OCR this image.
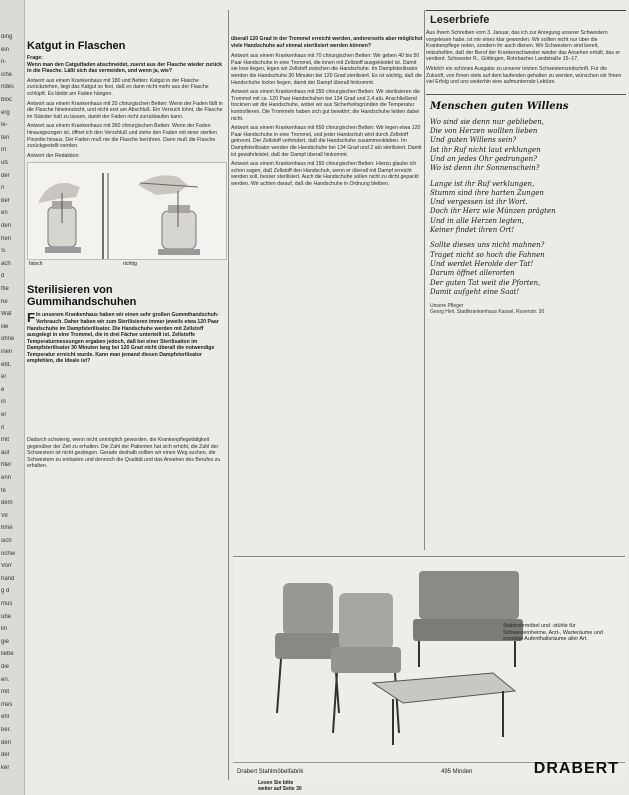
ding
ein
n-
iche
ndes
bloc
erg
le-
ten
rn
uß
der
n
ber
en
den
hen
S.
ach
d
ffie
he
Wat
ilie
ohne
inen
ebt,
er
e
in
er
it
mit
auf
hter
enn
fe
dem
Vir
hme
sich
ochw
Vorr
hand
g d
mus
ube
lin
gie
liebe
die
en.
mit
mes
ehr
ber.
den
der
ker
Katgut in Flaschen
Frage:
Wenn man den Catgutfaden abschneidet, zuerst aus der Flasche wieder zurück in die Flasche. Läßt sich das vermeiden, und wenn ja, wie?

Antwort aus einem Krankenhaus mit 180 und Betten: Katgut in der Flasche zurückziehen, liegt das Katgut so fest, daß es dann nicht mehr aus der Flasche schlüpft. Es bleibt am Faden hängen.

Antwort aus einem Krankenhaus mit 20 chirurgischen Betten: Wenn der Faden fällt in die Flasche hineinrutscht, und nicht erst am Abschluß. Ein Versuch lohnt, die Flasche im Ständer halt zu lassen, damit der Faden nicht zurücklaufen kann.

Antwort aus einem Krankenhaus mit 360 chirurgischen Betten: Wenn der Faden hinausgezogen ist, öffnet ich den Verschluß und ziehe den Faden mit einer sterilen Pinzette hinaus. Der Faden muß nie die Flasche berühren. Dann muß die Flasche zurückgestellt werden.

Antwort der Redaktion:

falsch	richtig
Sterilisieren von Gummihandschuhen
F In unserem Krankenhaus haben wir einen sehr großen Gummihandschuh-Verbrauch. Daher haben wir zum Sterilisieren immer jeweils etwa 120 Paar Handschuhe im Dampfsterilisator. Die Handschuhe werden mit Zellstoff ausgelegt in eine Trommel, die in drei Fächer unterteilt ist. Zellstoffe Temperaturmessungen ergaben jedoch, daß bei einer Sterilisation im Dampfsterilisator 30 Minuten lang bei 120 Grad nicht überall die notwendige Temperatur erreicht wurde. Kann man jemand diesen Dampfsterilisator empfehlen, die Ideale ist?

Dadurch schwierig, wenn nicht unmöglich geworden, die Krankenpflegetätigkeit gegenüber der Zeit zu erhalten. Die Zahl der Patienten hat sich erhöht, die Zahl der Schwestern ist nicht gestiegen. Gerade deshalb sollten wir einen Weg suchen, die Schwestern zu entlasten und dennoch die Qualität und das Ansehen des Berufes zu erhalten.

überall 120 Grad in der Trommel erreicht werden, andererseits aber möglichst viele Handschuhe auf einmal sterilisiert werden können?

Antwort aus einem Krankenhaus mit 70 chirurgischen Betten: Wir geben 40 bis 50 Paar Handschuhe in eine Trommel, die innen mit Zellstoff ausgekleidet ist. Damit sie lose liegen, legen wir Zellstoff zwischen die Handschuhe. Im Dampfsterilisator werden die Handschuhe 30 Minuten bei 120 Grad sterilisiert. Es ist wichtig, daß die Handschuhe locker liegen, damit der Dampf überall hinkommt.

Antwort aus einem Krankenhaus mit 250 chirurgischen Betten: Wir sterilisieren die Trommel mit ca. 120 Paar Handschuhen bei 134 Grad und 2,4 atü. Anschließend trocknen wir die Handschuhe, wobei wir aus Sicherheitsgründen die Temperatur kontrollieren. Die Trommeln haben sich gut bewährt; die Handschuhe leiden dabei nicht.

Antwort aus einem Krankenhaus mit 650 chirurgischen Betten: Wir legen etwa 120 Paar Handschuhe in eine Trommel, und jeder Handschuh wird durch Zellstoff getrennt. Der Zellstoff verhindert, daß die Handschuhe zusammenkleben. Im Dampfsterilisator werden die Handschuhe bei 134 Grad und 2 atü sterilisiert. Damit ist gewährleistet, daß der Dampf überall hinkommt.

Antwort aus einem Krankenhaus mit 150 chirurgischen Betten: Hierzu glaube ich schon sagen, daß Zellstoff den Handschuh, wenn er überall mit Dampf erreicht werden soll, besser sterilisiert. Auch die Handschuhe sollen nicht zu dicht gepackt werden. Wir achten darauf, daß die Handschuhe in Ordnung bleiben.

Leserbriefe

Aus Ihrem Schreiben vom 3. Januar, das ich zur Anregung unserer Schwestern vorgelesen habe, ist mir eines klar geworden: Wir sollten nicht nur über die Krankenpflege reden, sondern ihr auch dienen. Wir Schwestern sind bereit, mitzuhelfen, daß der Beruf der Krankenschwester wieder das Ansehen erhält, das er verdient. Schwester R., Göttingen, Rohrbacher Landstraße 15–17.

Wirklich ein schönes Ausgabe zu unserer letzten Schwesternzeitschrift. Für die Zukunft, von Ihnen stets auf dem laufenden gehalten zu werden, wünschen wir Ihnen viel Erfolg und uns weiterhin eine aufmunternde Lektüre.

Menschen guten Willens
Wo sind sie denn nur geblieben,
Die von Herzen wollten lieben
Und guten Willens sein?
Ist ihr Ruf nicht laut erklungen
Und an jedes Ohr gedrungen?
Wo ist denn ihr Sonnenschein?
Lange ist ihr Ruf verklungen,
Stumm sind ihre harten Zungen
Und vergessen ist ihr Wort.
Doch ihr Herz wie Münzen prägten
Und in alle Herzen legten,
Keiner findet ihren Ort!
Sollte dieses uns nicht mahnen?
Traget nicht so hoch die Fahnen
Und werdet Herolde der Tat!
Darum öffnet allerorten
Der guten Tat weit die Pforten,
Damit aufgeht eine Saat!
Unsere Pfleger
Georg Heil, Stadtkrankenhaus Kassel, Rosenstr. 30
Stahlrohrmöbel und -stühle für Schwesternheime, Arzt-, Warteräume und sonstige Aufenthaltsräume aller Art.
Drabert Stahlmöbelfabrik	495 Minden	DRABERT
Lesen Sie bitte
weiter auf Seite 30
